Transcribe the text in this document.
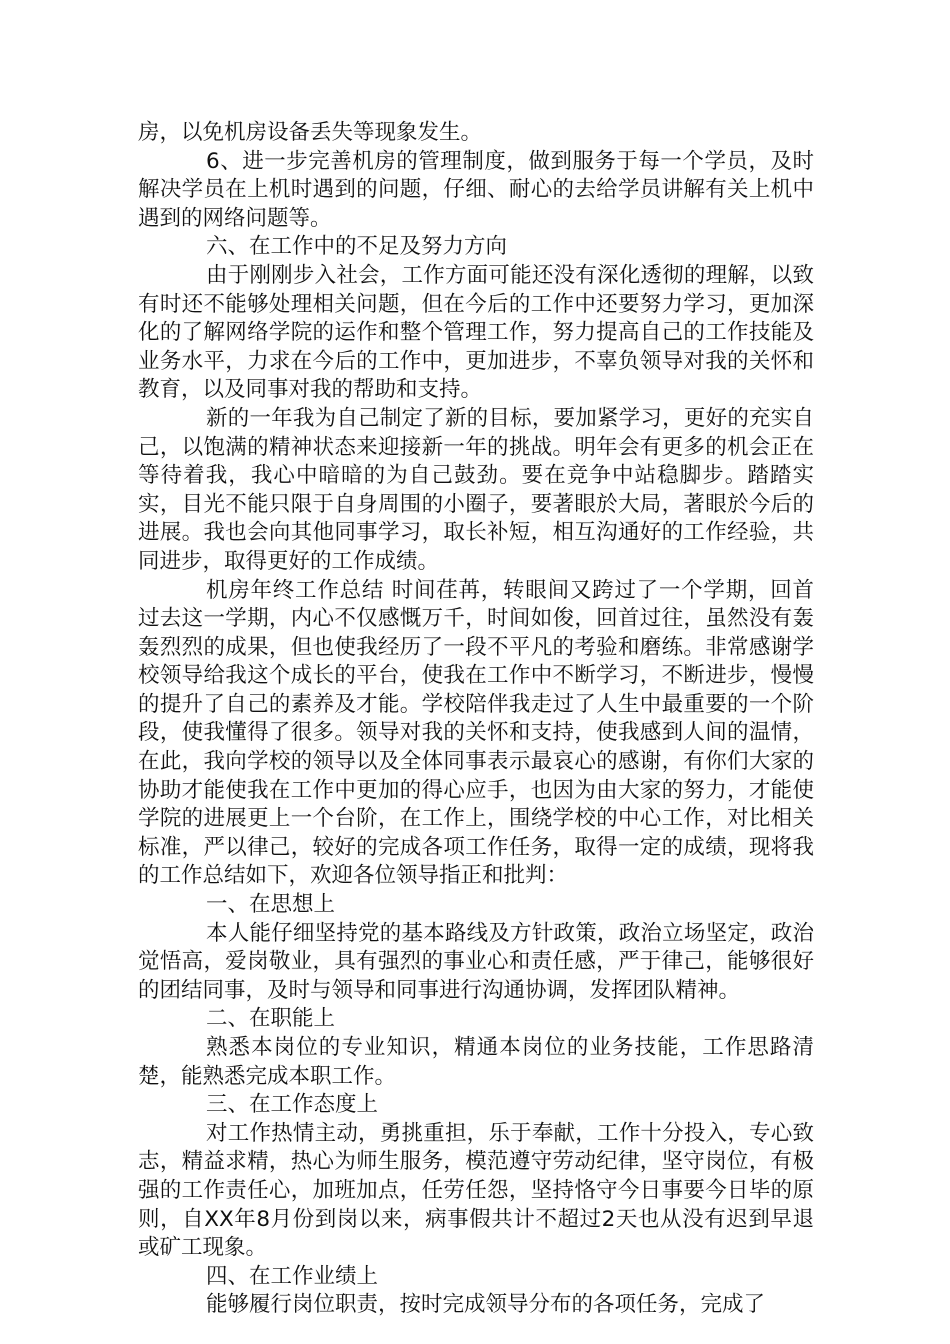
房，以免机房设备丢失等现象发生。

6、进一步完善机房的管理制度，做到服务于每一个学员，及时解决学员在上机时遇到的问题，仔细、耐心的去给学员讲解有关上机中遇到的网络问题等。

六、在工作中的不足及努力方向

由于刚刚步入社会，工作方面可能还没有深化透彻的理解，以致有时还不能够处理相关问题，但在今后的工作中还要努力学习，更加深化的了解网络学院的运作和整个管理工作，努力提高自己的工作技能及业务水平，力求在今后的工作中，更加进步，不辜负领导对我的关怀和教育，以及同事对我的帮助和支持。

新的一年我为自己制定了新的目标，要加紧学习，更好的充实自己，以饱满的精神状态来迎接新一年的挑战。明年会有更多的机会正在等待着我，我心中暗暗的为自己鼓劲。要在竞争中站稳脚步。踏踏实实，目光不能只限于自身周围的小圈子，要著眼於大局，著眼於今后的进展。我也会向其他同事学习，取长补短，相互沟通好的工作经验，共同进步，取得更好的工作成绩。

机房年终工作总结 时间荏苒，转眼间又跨过了一个学期，回首过去这一学期，内心不仅感慨万千，时间如俊，回首过往，虽然没有轰轰烈烈的成果，但也使我经历了一段不平凡的考验和磨练。非常感谢学校领导给我这个成长的平台，使我在工作中不断学习，不断进步，慢慢的提升了自己的素养及才能。学校陪伴我走过了人生中最重要的一个阶段，使我懂得了很多。领导对我的关怀和支持，使我感到人间的温情，在此，我向学校的领导以及全体同事表示最哀心的感谢，有你们大家的协助才能使我在工作中更加的得心应手，也因为由大家的努力，才能使学院的进展更上一个台阶，在工作上，围绕学校的中心工作，对比相关标准，严以律己，较好的完成各项工作任务，取得一定的成绩，现将我的工作总结如下，欢迎各位领导指正和批判：

一、在思想上

本人能仔细坚持党的基本路线及方针政策，政治立场坚定，政治觉悟高，爱岗敬业，具有强烈的事业心和责任感，严于律己，能够很好的团结同事，及时与领导和同事进行沟通协调，发挥团队精神。

二、在职能上

熟悉本岗位的专业知识，精通本岗位的业务技能，工作思路清楚，能熟悉完成本职工作。

三、在工作态度上

对工作热情主动，勇挑重担，乐于奉献，工作十分投入，专心致志，精益求精，热心为师生服务，模范遵守劳动纪律，坚守岗位，有极强的工作责任心，加班加点，任劳任怨，坚持恪守今日事要今日毕的原则，自XX年8月份到岗以来，病事假共计不超过2天也从没有迟到早退或矿工现象。

四、在工作业绩上

能够履行岗位职责，按时完成领导分布的各项任务，完成了
